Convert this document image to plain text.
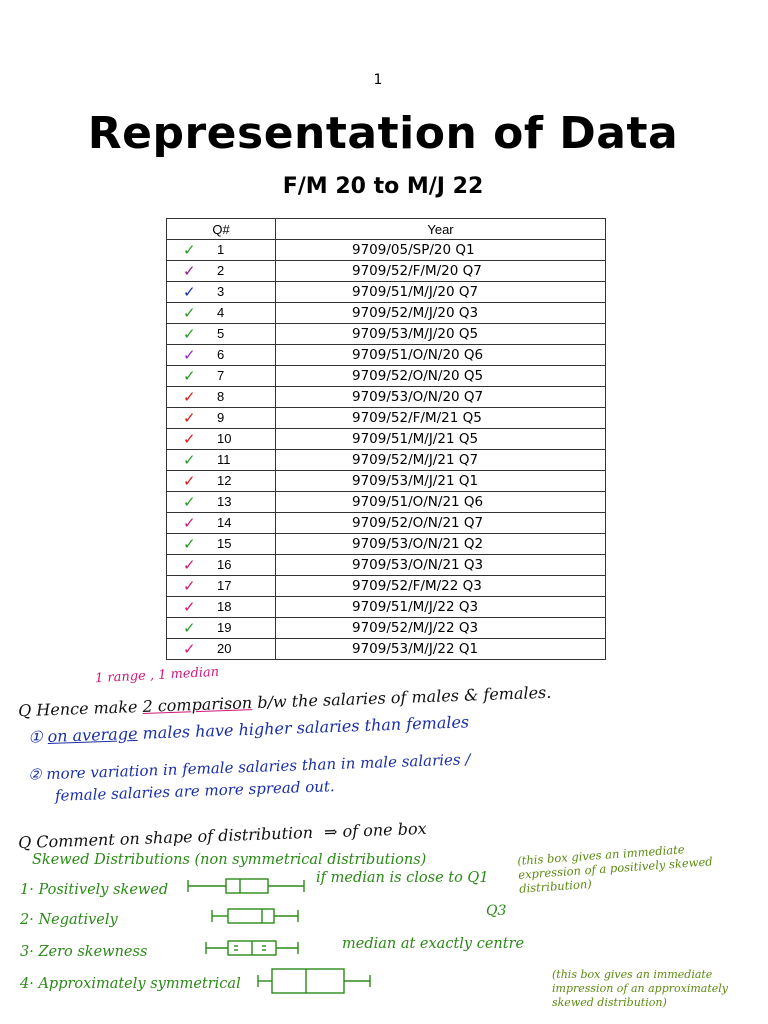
1
Representation of Data
F/M 20 to M/J 22
Q#	Year

✓ 1	9709/05/SP/20 Q1

✓ 2	9709/52/F/M/20 Q7

✓ 3	9709/51/M/J/20 Q7

✓ 4	9709/52/M/J/20 Q3

✓ 5	9709/53/M/J/20 Q5

✓ 6	9709/51/O/N/20 Q6

✓ 7	9709/52/O/N/20 Q5

✓ 8	9709/53/O/N/20 Q7

✓ 9	9709/52/F/M/21 Q5

✓ 10	9709/51/M/J/21 Q5

✓ 11	9709/52/M/J/21 Q7

✓ 12	9709/53/M/J/21 Q1

✓ 13	9709/51/O/N/21 Q6

✓ 14	9709/52/O/N/21 Q7

✓ 15	9709/53/O/N/21 Q2

✓ 16	9709/53/O/N/21 Q3

✓ 17	9709/52/F/M/22 Q3

✓ 18	9709/51/M/J/22 Q3

✓ 19	9709/52/M/J/22 Q3

✓ 20	9709/53/M/J/22 Q1
1 range , 1 median
Q Hence make 2 comparison b/w the salaries of males & females.
① on average males have higher salaries than females
② more variation in female salaries than in male salaries /
female salaries are more spread out.
Q Comment on shape of distribution ⇒ of one box
Skewed Distributions (non symmetrical distributions)	(this box gives an immediate expression of a positively skewed distribution)
1· Positively skewed
if median is close to Q1
2· Negatively
Q3
3· Zero skewness	median at exactly centre
4· Approximately symmetrical
(this box gives an immediate impression of an approximately skewed distribution)
